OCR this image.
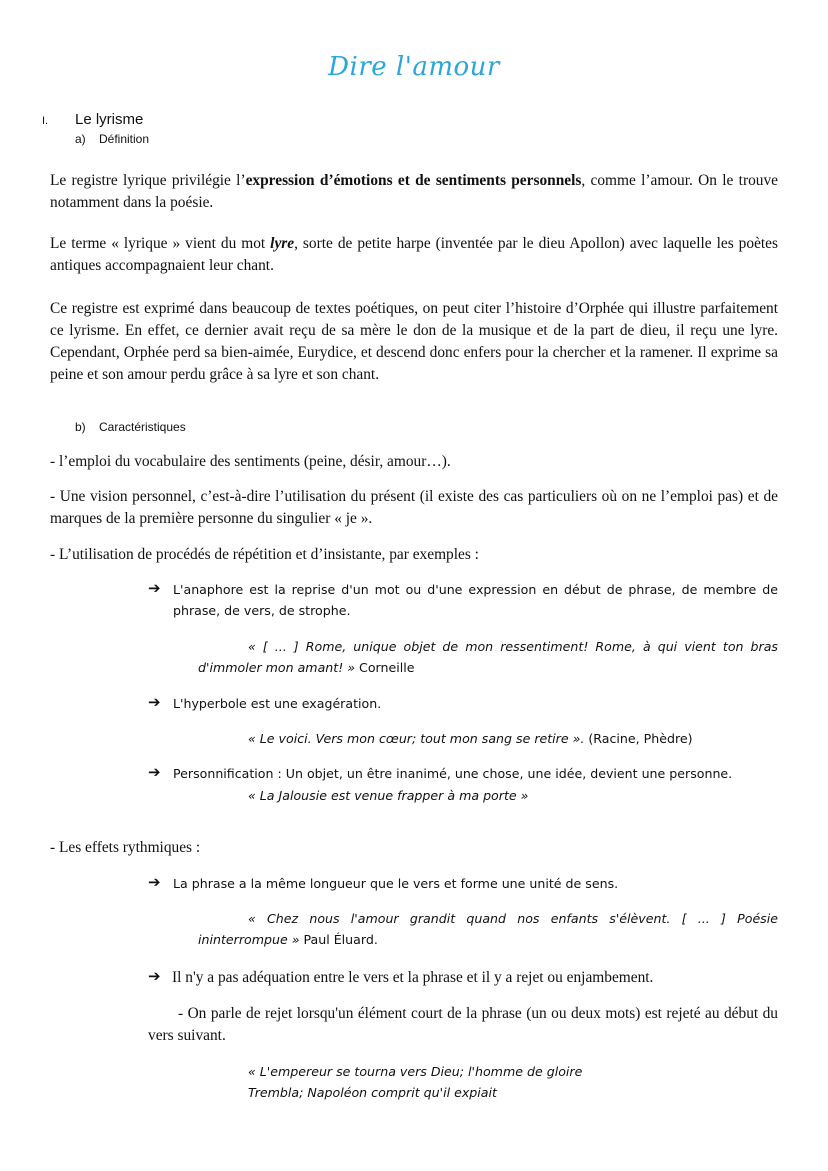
Dire l'amour
I. Le lyrisme
a) Définition

Le registre lyrique privilégie l’expression d’émotions et de sentiments personnels, comme l’amour. On le trouve notamment dans la poésie.

Le terme « lyrique » vient du mot lyre, sorte de petite harpe (inventée par le dieu Apollon) avec laquelle les poètes antiques accompagnaient leur chant.

Ce registre est exprimé dans beaucoup de textes poétiques, on peut citer l’histoire d’Orphée qui illustre parfaitement ce lyrisme. En effet, ce dernier avait reçu de sa mère le don de la musique et de la part de dieu, il reçu une lyre. Cependant, Orphée perd sa bien-aimée, Eurydice, et descend donc enfers pour la chercher et la ramener. Il exprime sa peine et son amour perdu grâce à sa lyre et son chant.

b) Caractéristiques

- l’emploi du vocabulaire des sentiments (peine, désir, amour…).

- Une vision personnel, c’est-à-dire l’utilisation du présent (il existe des cas particuliers où on ne l’emploi pas) et de marques de la première personne du singulier « je ».

- L’utilisation de procédés de répétition et d’insistante, par exemples :

➔ L'anaphore est la reprise d'un mot ou d'une expression en début de phrase, de membre de phrase, de vers, de strophe.

« [ ... ] Rome, unique objet de mon ressentiment! Rome, à qui vient ton bras d'immoler mon amant! » Corneille

➔ L'hyperbole est une exagération.

« Le voici. Vers mon cœur; tout mon sang se retire ». (Racine, Phèdre)

➔ Personnification : Un objet, un être inanimé, une chose, une idée, devient une personne.

« La Jalousie est venue frapper à ma porte »

- Les effets rythmiques :

➔ La phrase a la même longueur que le vers et forme une unité de sens.

« Chez nous l'amour grandit quand nos enfants s'élèvent. [ ... ] Poésie ininterrompue » Paul Éluard.

➔ Il n'y a pas adéquation entre le vers et la phrase et il y a rejet ou enjambement.

- On parle de rejet lorsqu'un élément court de la phrase (un ou deux mots) est rejeté au début du vers suivant.

« L'empereur se tourna vers Dieu; l'homme de gloire

Trembla; Napoléon comprit qu'il expiait
